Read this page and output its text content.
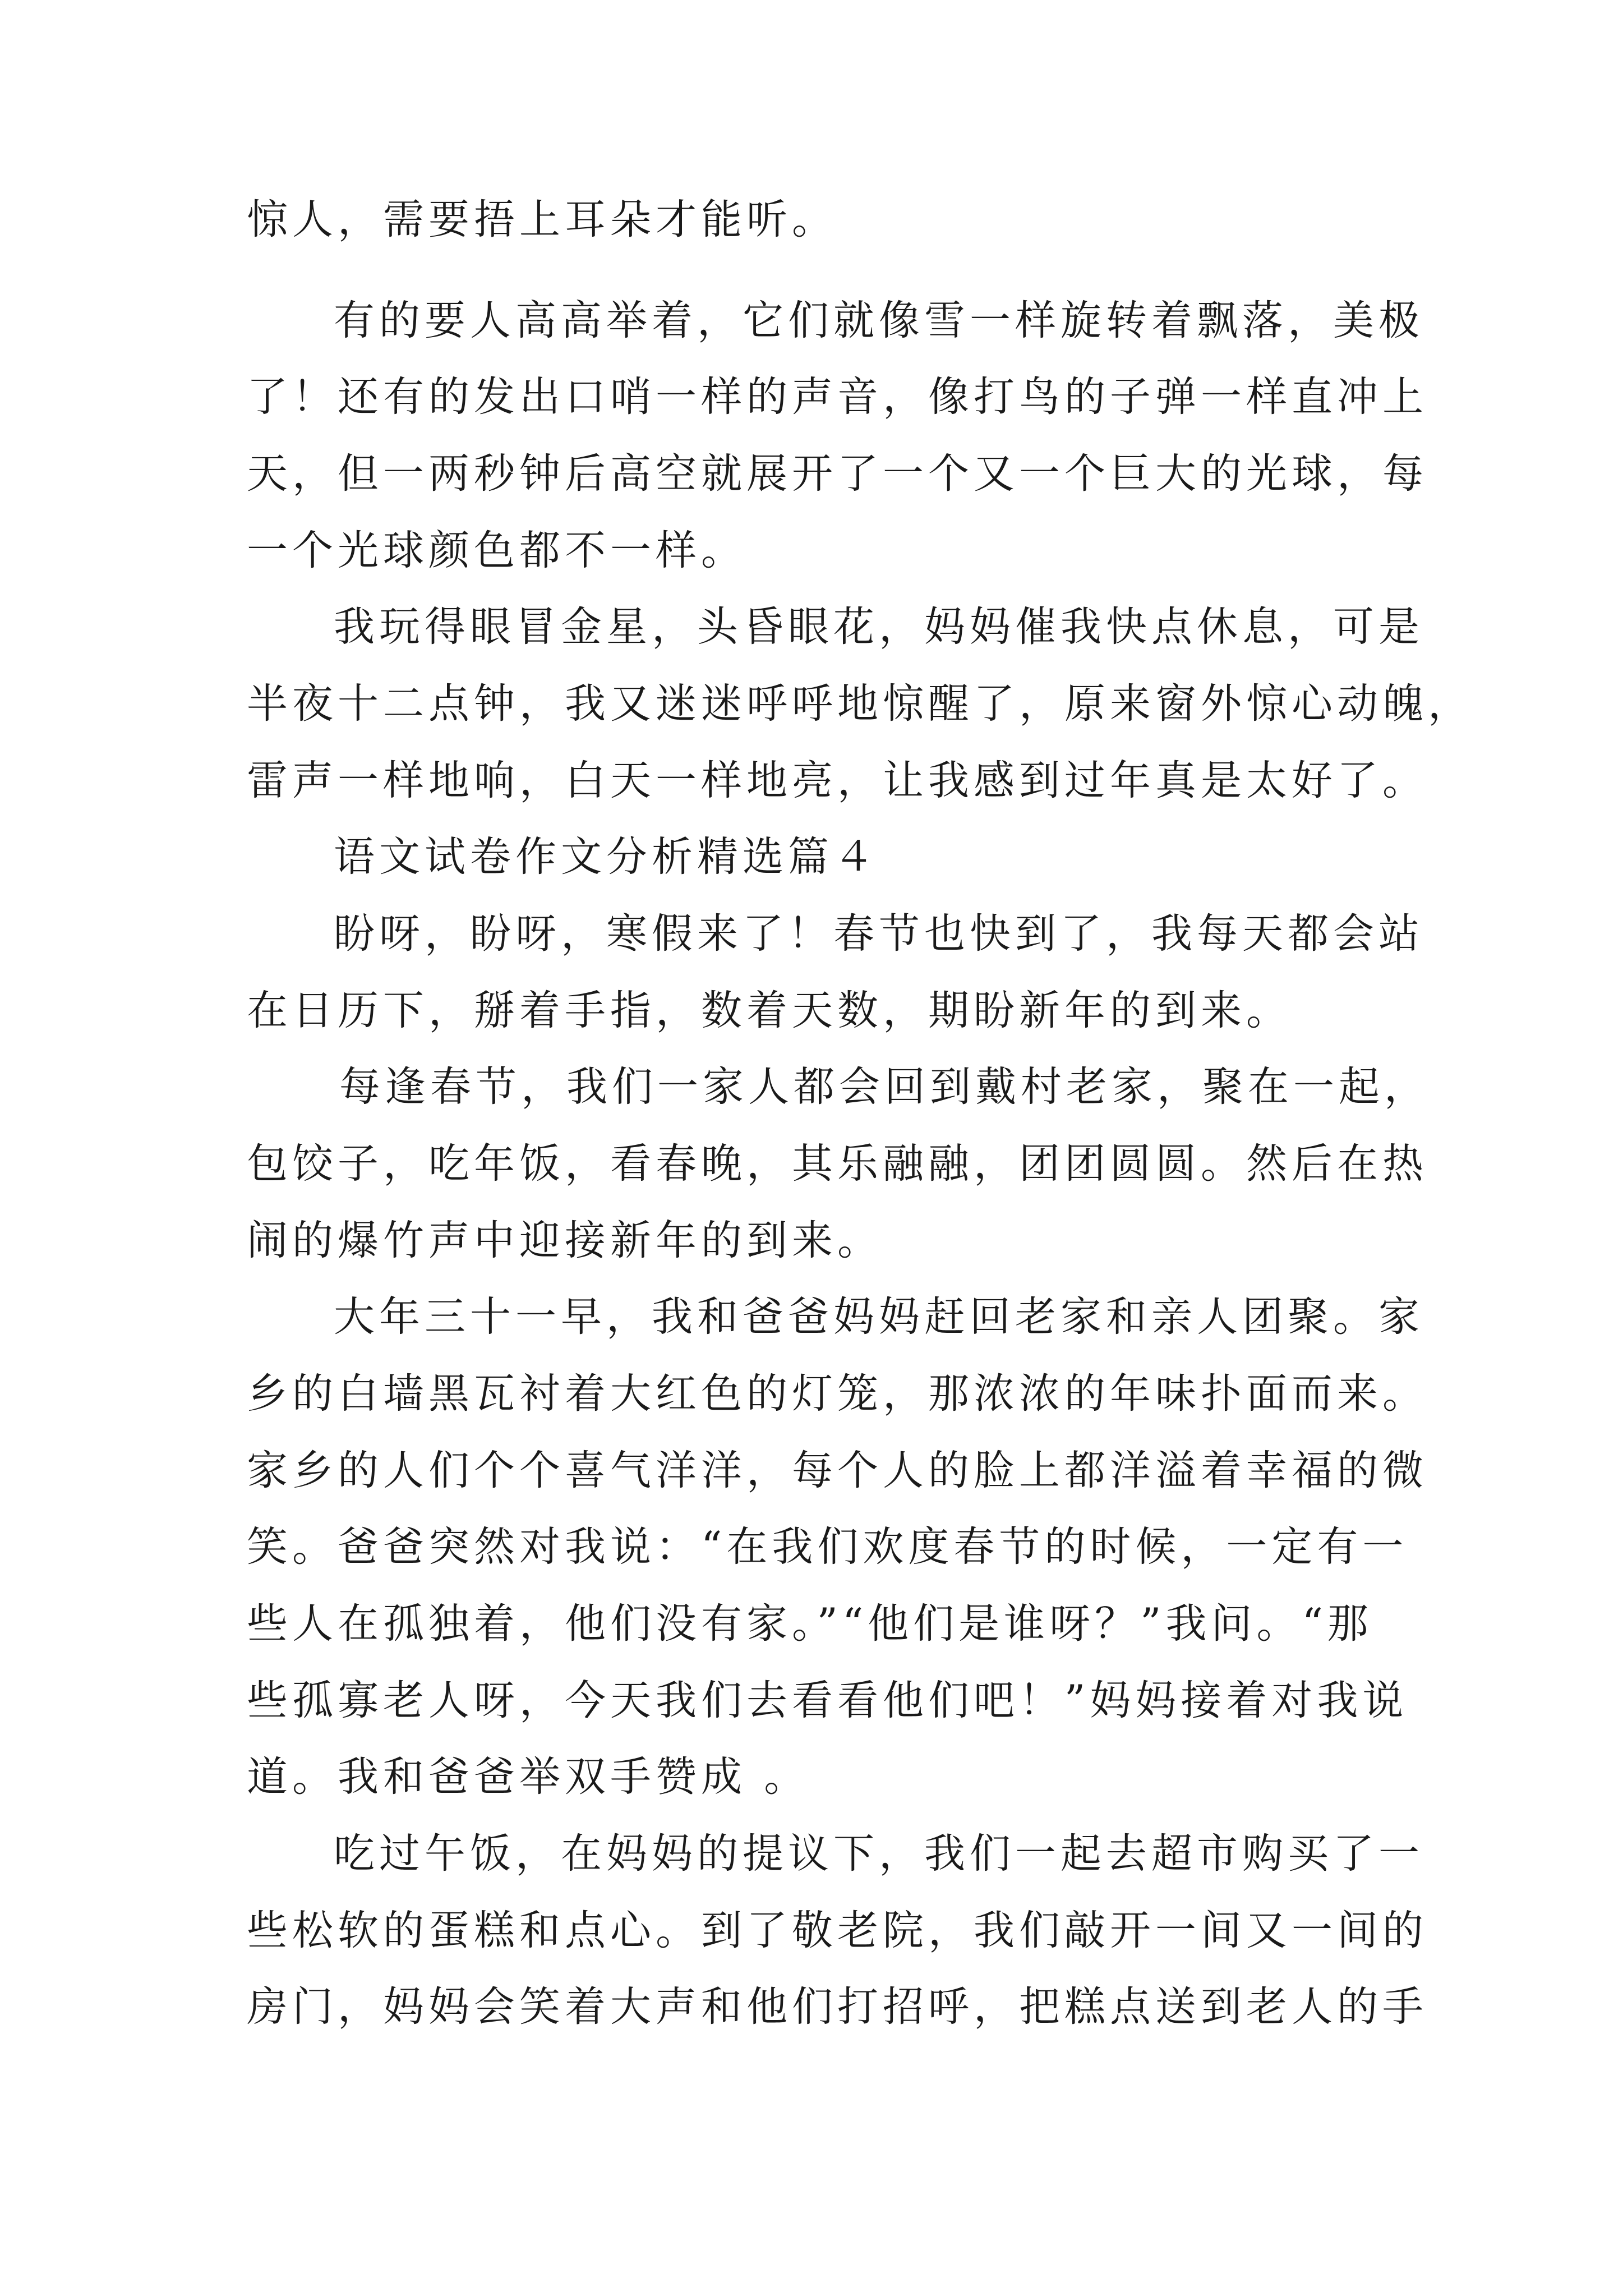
惊人，需要捂上耳朵才能听。
有的要人高高举着，它们就像雪一样旋转着飘落，美极
了！还有的发出口哨一样的声音，像打鸟的子弹一样直冲上
天，但一两秒钟后高空就展开了一个又一个巨大的光球，每
一个光球颜色都不一样。
我玩得眼冒金星，头昏眼花，妈妈催我快点休息，可是
半夜十二点钟，我又迷迷呼呼地惊醒了，原来窗外惊心动魄，
雷声一样地响，白天一样地亮，让我感到过年真是太好了。
语文试卷作文分析精选篇４
盼呀，盼呀，寒假来了！春节也快到了，我每天都会站
在日历下，掰着手指，数着天数，期盼新年的到来。
每逢春节，我们一家人都会回到戴村老家，聚在一起，
包饺子，吃年饭，看春晚，其乐融融，团团圆圆。然后在热
闹的爆竹声中迎接新年的到来。
大年三十一早，我和爸爸妈妈赶回老家和亲人团聚。家
乡的白墙黑瓦衬着大红色的灯笼，那浓浓的年味扑面而来。
家乡的人们个个喜气洋洋，每个人的脸上都洋溢着幸福的微
笑。爸爸突然对我说：“在我们欢度春节的时候，一定有一
些人在孤独着，他们没有家。”“他们是谁呀？”我问。“那
些孤寡老人呀，今天我们去看看他们吧！”妈妈接着对我说
道。我和爸爸举双手赞成 。
吃过午饭，在妈妈的提议下，我们一起去超市购买了一
些松软的蛋糕和点心。到了敬老院，我们敲开一间又一间的
房门，妈妈会笑着大声和他们打招呼，把糕点送到老人的手
